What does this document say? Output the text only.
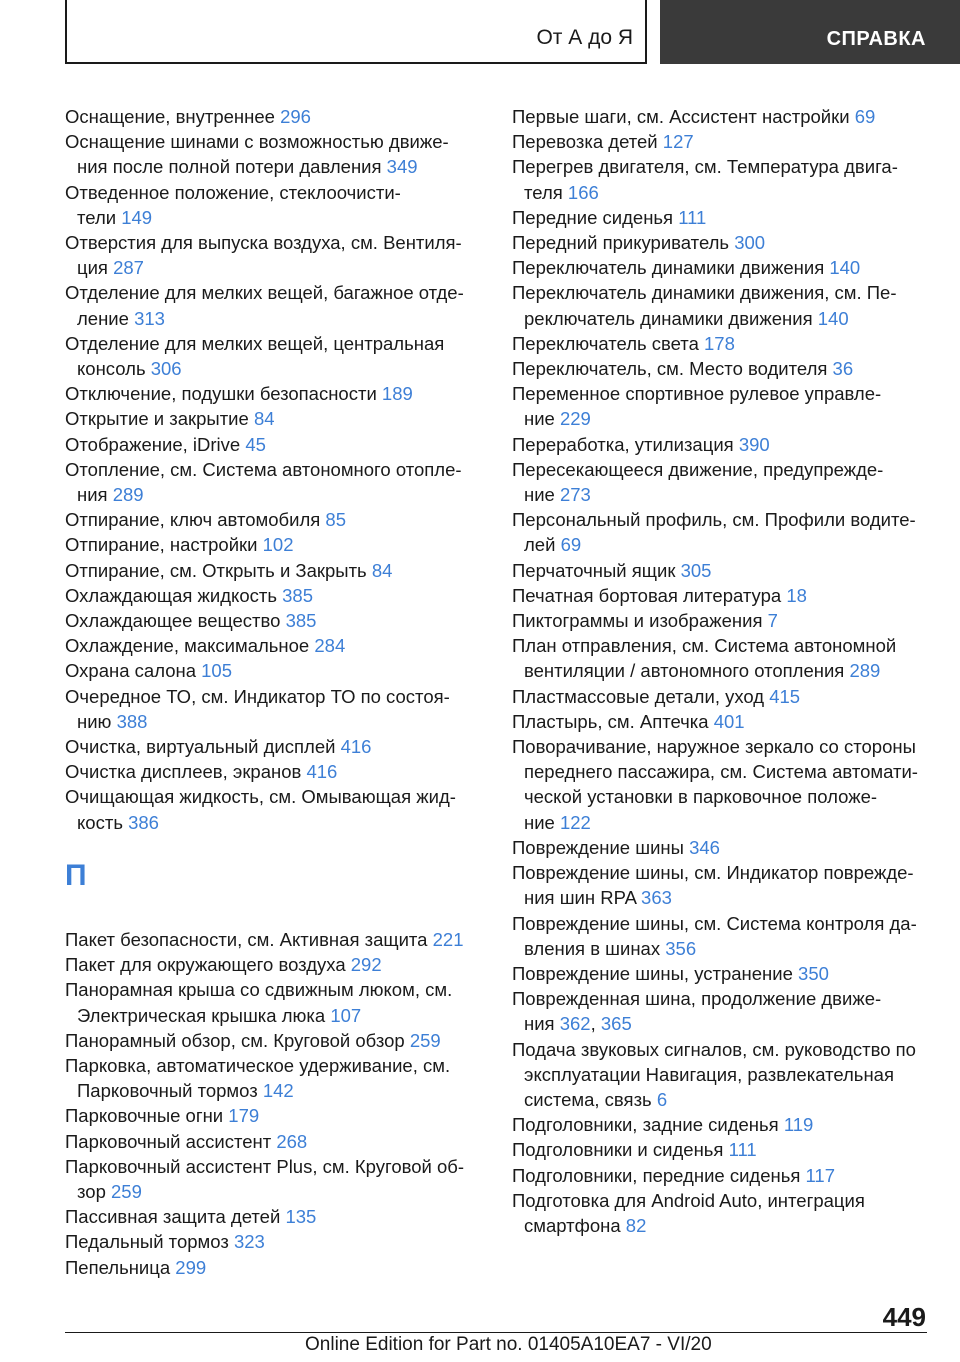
От А до Я	СПРАВКА
Оснащение, внутреннее 296
Оснащение шинами с возможностью движе-
ния после полной потери давления 349
Отведенное положение, стеклоочисти-
тели 149
Отверстия для выпуска воздуха, см. Вентиля-
ция 287
Отделение для мелких вещей, багажное отде-
ление 313
Отделение для мелких вещей, центральная
консоль 306
Отключение, подушки безопасности 189
Открытие и закрытие 84
Отображение, iDrive 45
Отопление, см. Система автономного отопле-
ния 289
Отпирание, ключ автомобиля 85
Отпирание, настройки 102
Отпирание, см. Открыть и Закрыть 84
Охлаждающая жидкость 385
Охлаждающее вещество 385
Охлаждение, максимальное 284
Охрана салона 105
Очередное ТО, см. Индикатор ТО по состоя-
нию 388
Очистка, виртуальный дисплей 416
Очистка дисплеев, экранов 416
Очищающая жидкость, см. Омывающая жид-
кость 386
П
Пакет безопасности, см. Активная защита 221
Пакет для окружающего воздуха 292
Панорамная крыша со сдвижным люком, см.
Электрическая крышка люка 107
Панорамный обзор, см. Круговой обзор 259
Парковка, автоматическое удерживание, см.
Парковочный тормоз 142
Парковочные огни 179
Парковочный ассистент 268
Парковочный ассистент Plus, см. Круговой об-
зор 259
Пассивная защита детей 135
Педальный тормоз 323
Пепельница 299
Первые шаги, см. Ассистент настройки 69
Перевозка детей 127
Перегрев двигателя, см. Температура двига-
теля 166
Передние сиденья 111
Передний прикуриватель 300
Переключатель динамики движения 140
Переключатель динамики движения, см. Пе-
реключатель динамики движения 140
Переключатель света 178
Переключатель, см. Место водителя 36
Переменное спортивное рулевое управле-
ние 229
Переработка, утилизация 390
Пересекающееся движение, предупрежде-
ние 273
Персональный профиль, см. Профили водите-
лей 69
Перчаточный ящик 305
Печатная бортовая литература 18
Пиктограммы и изображения 7
План отправления, см. Система автономной
вентиляции / автономного отопления 289
Пластмассовые детали, уход 415
Пластырь, см. Аптечка 401
Поворачивание, наружное зеркало со стороны
переднего пассажира, см. Система автомати-
ческой установки в парковочное положе-
ние 122
Повреждение шины 346
Повреждение шины, см. Индикатор поврежде-
ния шин RPA 363
Повреждение шины, см. Система контроля да-
вления в шинах 356
Повреждение шины, устранение 350
Поврежденная шина, продолжение движе-
ния 362, 365
Подача звуковых сигналов, см. руководство по
эксплуатации Навигация, развлекательная
система, связь 6
Подголовники, задние сиденья 119
Подголовники и сиденья 111
Подголовники, передние сиденья 117
Подготовка для Android Auto, интеграция
смартфона 82
449
Online Edition for Part no. 01405A10EA7 - VI/20
